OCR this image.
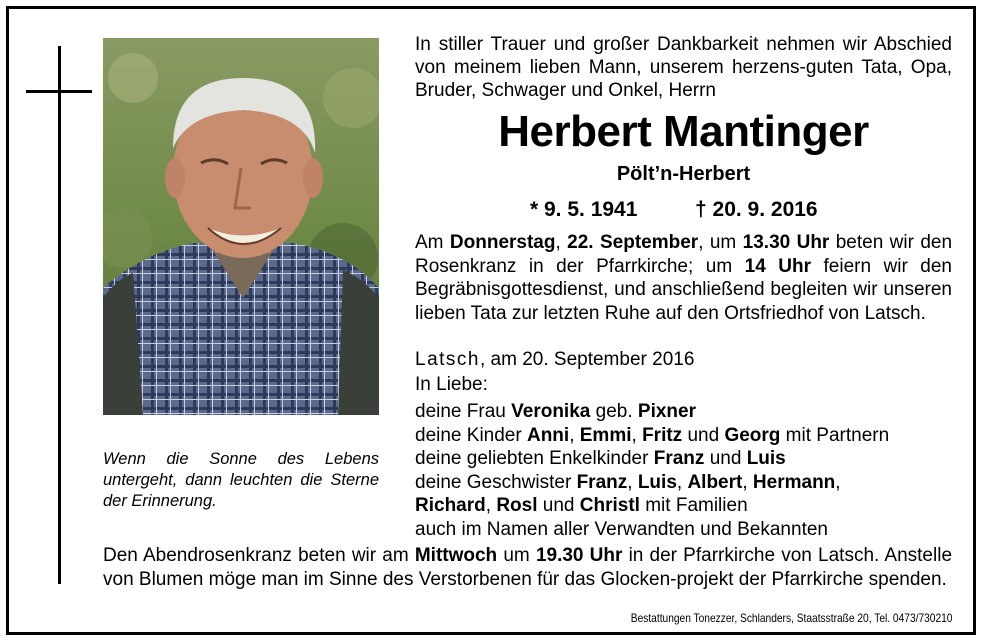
Wenn die Sonne des Lebens untergeht, dann leuchten die Sterne der Erinnerung.
In stiller Trauer und großer Dankbarkeit nehmen wir Abschied von meinem lieben Mann, unserem herzens-guten Tata, Opa, Bruder, Schwager und Onkel, Herrn
Herbert Mantinger
Pölt’n-Herbert
* 9. 5. 1941	† 20. 9. 2016
Am Donnerstag, 22. September, um 13.30 Uhr beten wir den Rosenkranz in der Pfarrkirche; um 14 Uhr feiern wir den Begräbnisgottesdienst, und anschließend begleiten wir unseren lieben Tata zur letzten Ruhe auf den Ortsfriedhof von Latsch.
Latsch, am 20. September 2016
In Liebe:
deine Frau Veronika geb. Pixner
deine Kinder Anni, Emmi, Fritz und Georg mit Partnern
deine geliebten Enkelkinder Franz und Luis
deine Geschwister Franz, Luis, Albert, Hermann,
Richard, Rosl und Christl mit Familien
auch im Namen aller Verwandten und Bekannten
Den Abendrosenkranz beten wir am Mittwoch um 19.30 Uhr in der Pfarrkirche von Latsch. Anstelle von Blumen möge man im Sinne des Verstorbenen für das Glocken-projekt der Pfarrkirche spenden.
Bestattungen Tonezzer, Schlanders, Staatsstraße 20, Tel. 0473/730210
